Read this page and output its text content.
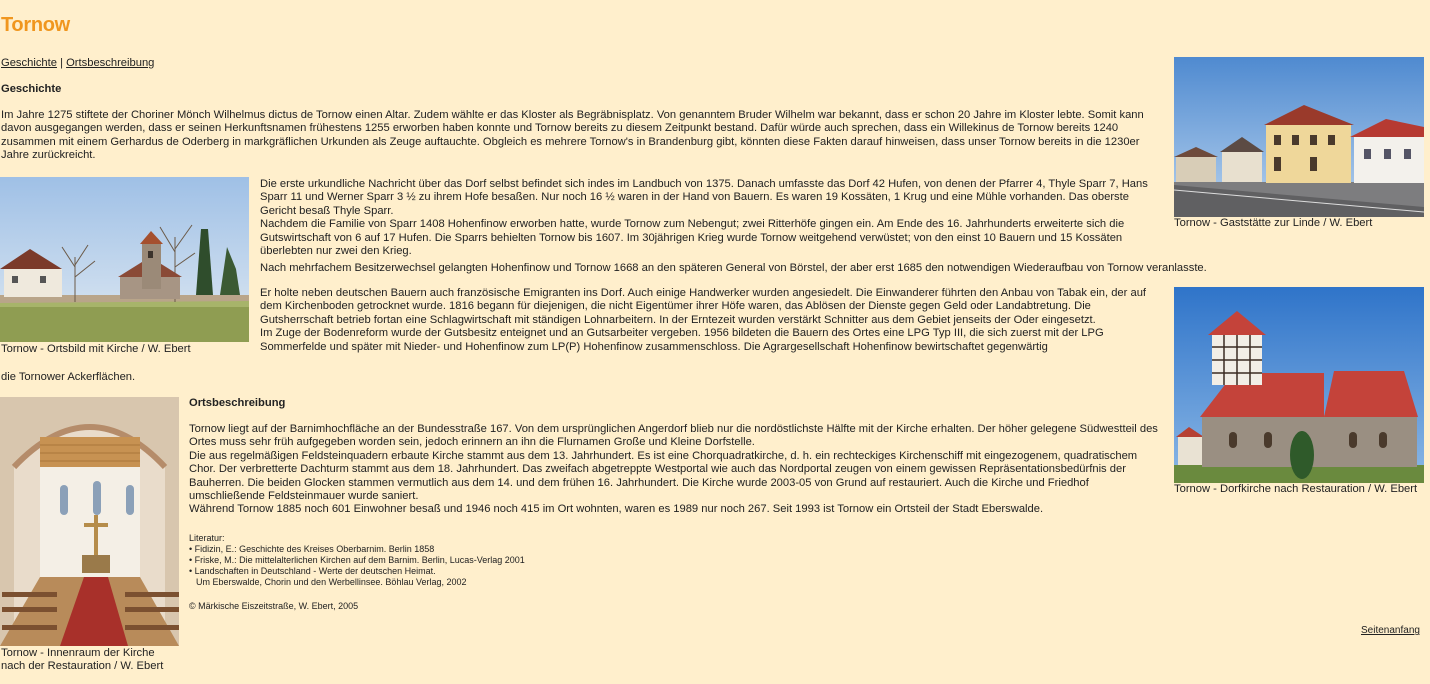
Tornow
Geschichte | Ortsbeschreibung
Geschichte

Im Jahre 1275 stiftete der Choriner Mönch Wilhelmus dictus de Tornow einen Altar. Zudem wählte er das Kloster als Begräbnisplatz. Von genanntem Bruder Wilhelm war bekannt, dass er schon 20 Jahre im Kloster lebte. Somit kann davon ausgegangen werden, dass er seinen Herkunftsnamen frühestens 1255 erworben haben konnte und Tornow bereits zu diesem Zeitpunkt bestand. Dafür würde auch sprechen, dass ein Willekinus de Tornow bereits 1240 zusammen mit einem Gerhardus de Oderberg in markgräflichen Urkunden als Zeuge auftauchte. Obgleich es mehrere Tornow's in Brandenburg gibt, könnten diese Fakten darauf hinweisen, dass unser Tornow bereits in die 1230er Jahre zurückreicht.

Tornow - Ortsbild mit Kirche / W. Ebert

Die erste urkundliche Nachricht über das Dorf selbst befindet sich indes im Landbuch von 1375. Danach umfasste das Dorf 42 Hufen, von denen der Pfarrer 4, Thyle Sparr 7, Hans Sparr 11 und Werner Sparr 3 ½ zu ihrem Hofe besaßen. Nur noch 16 ½ waren in der Hand von Bauern. Es waren 19 Kossäten, 1 Krug und eine Mühle vorhanden. Das oberste Gericht besaß Thyle Sparr.

Nachdem die Familie von Sparr 1408 Hohenfinow erworben hatte, wurde Tornow zum Nebengut; zwei Ritterhöfe gingen ein. Am Ende des 16. Jahrhunderts erweiterte sich die Gutswirtschaft von 6 auf 17 Hufen. Die Sparrs behielten Tornow bis 1607. Im 30jährigen Krieg wurde Tornow weitgehend verwüstet; von den einst 10 Bauern und 15 Kossäten überlebten nur zwei den Krieg.

Nach mehrfachem Besitzerwechsel gelangten Hohenfinow und Tornow 1668 an den späteren General von Börstel, der aber erst 1685 den notwendigen Wiederaufbau von Tornow veranlasste.

Er holte neben deutschen Bauern auch französische Emigranten ins Dorf. Auch einige Handwerker wurden angesiedelt. Die Einwanderer führten den Anbau von Tabak ein, der auf dem Kirchenboden getrocknet wurde. 1816 begann für diejenigen, die nicht Eigentümer ihrer Höfe waren, das Ablösen der Dienste gegen Geld oder Landabtretung. Die Gutsherrschaft betrieb fortan eine Schlagwirtschaft mit ständigen Lohnarbeitern. In der Erntezeit wurden verstärkt Schnitter aus dem Gebiet jenseits der Oder eingesetzt.

Im Zuge der Bodenreform wurde der Gutsbesitz enteignet und an Gutsarbeiter vergeben. 1956 bildeten die Bauern des Ortes eine LPG Typ III, die sich zuerst mit der LPG Sommerfelde und später mit Nieder- und Hohenfinow zum LP(P) Hohenfinow zusammenschloss. Die Agrargesellschaft Hohenfinow bewirtschaftet gegenwärtig

die Tornower Ackerflächen.

Tornow - Gaststätte zur Linde / W. Ebert
Tornow - Dorfkirche nach Restauration / W. Ebert
Tornow - Innenraum der Kirche nach der Restauration / W. Ebert
Ortsbeschreibung

Tornow liegt auf der Barnimhochfläche an der Bundesstraße 167. Von dem ursprünglichen Angerdorf blieb nur die nordöstlichste Hälfte mit der Kirche erhalten. Der höher gelegene Südwestteil des Ortes muss sehr früh aufgegeben worden sein, jedoch erinnern an ihn die Flurnamen Große und Kleine Dorfstelle.

Die aus regelmäßigen Feldsteinquadern erbaute Kirche stammt aus dem 13. Jahrhundert. Es ist eine Chorquadratkirche, d. h. ein rechteckiges Kirchenschiff mit eingezogenem, quadratischem Chor. Der verbretterte Dachturm stammt aus dem 18. Jahrhundert. Das zweifach abgetreppte Westportal wie auch das Nordportal zeugen von einem gewissen Repräsentationsbedürfnis der Bauherren. Die beiden Glocken stammen vermutlich aus dem 14. und dem frühen 16. Jahrhundert. Die Kirche wurde 2003-05 von Grund auf restauriert. Auch die Kirche und Friedhof umschließende Feldsteinmauer wurde saniert.

Während Tornow 1885 noch 601 Einwohner besaß und 1946 noch 415 im Ort wohnten, waren es 1989 nur noch 267. Seit 1993 ist Tornow ein Ortsteil der Stadt Eberswalde.

Literatur:
• Fidizin, E.: Geschichte des Kreises Oberbarnim. Berlin 1858
• Friske, M.: Die mittelalterlichen Kirchen auf dem Barnim. Berlin, Lucas-Verlag 2001
• Landschaften in Deutschland - Werte der deutschen Heimat.
Um Eberswalde, Chorin und den Werbellinsee. Böhlau Verlag, 2002
© Märkische Eiszeitstraße, W. Ebert, 2005
Seitenanfang
